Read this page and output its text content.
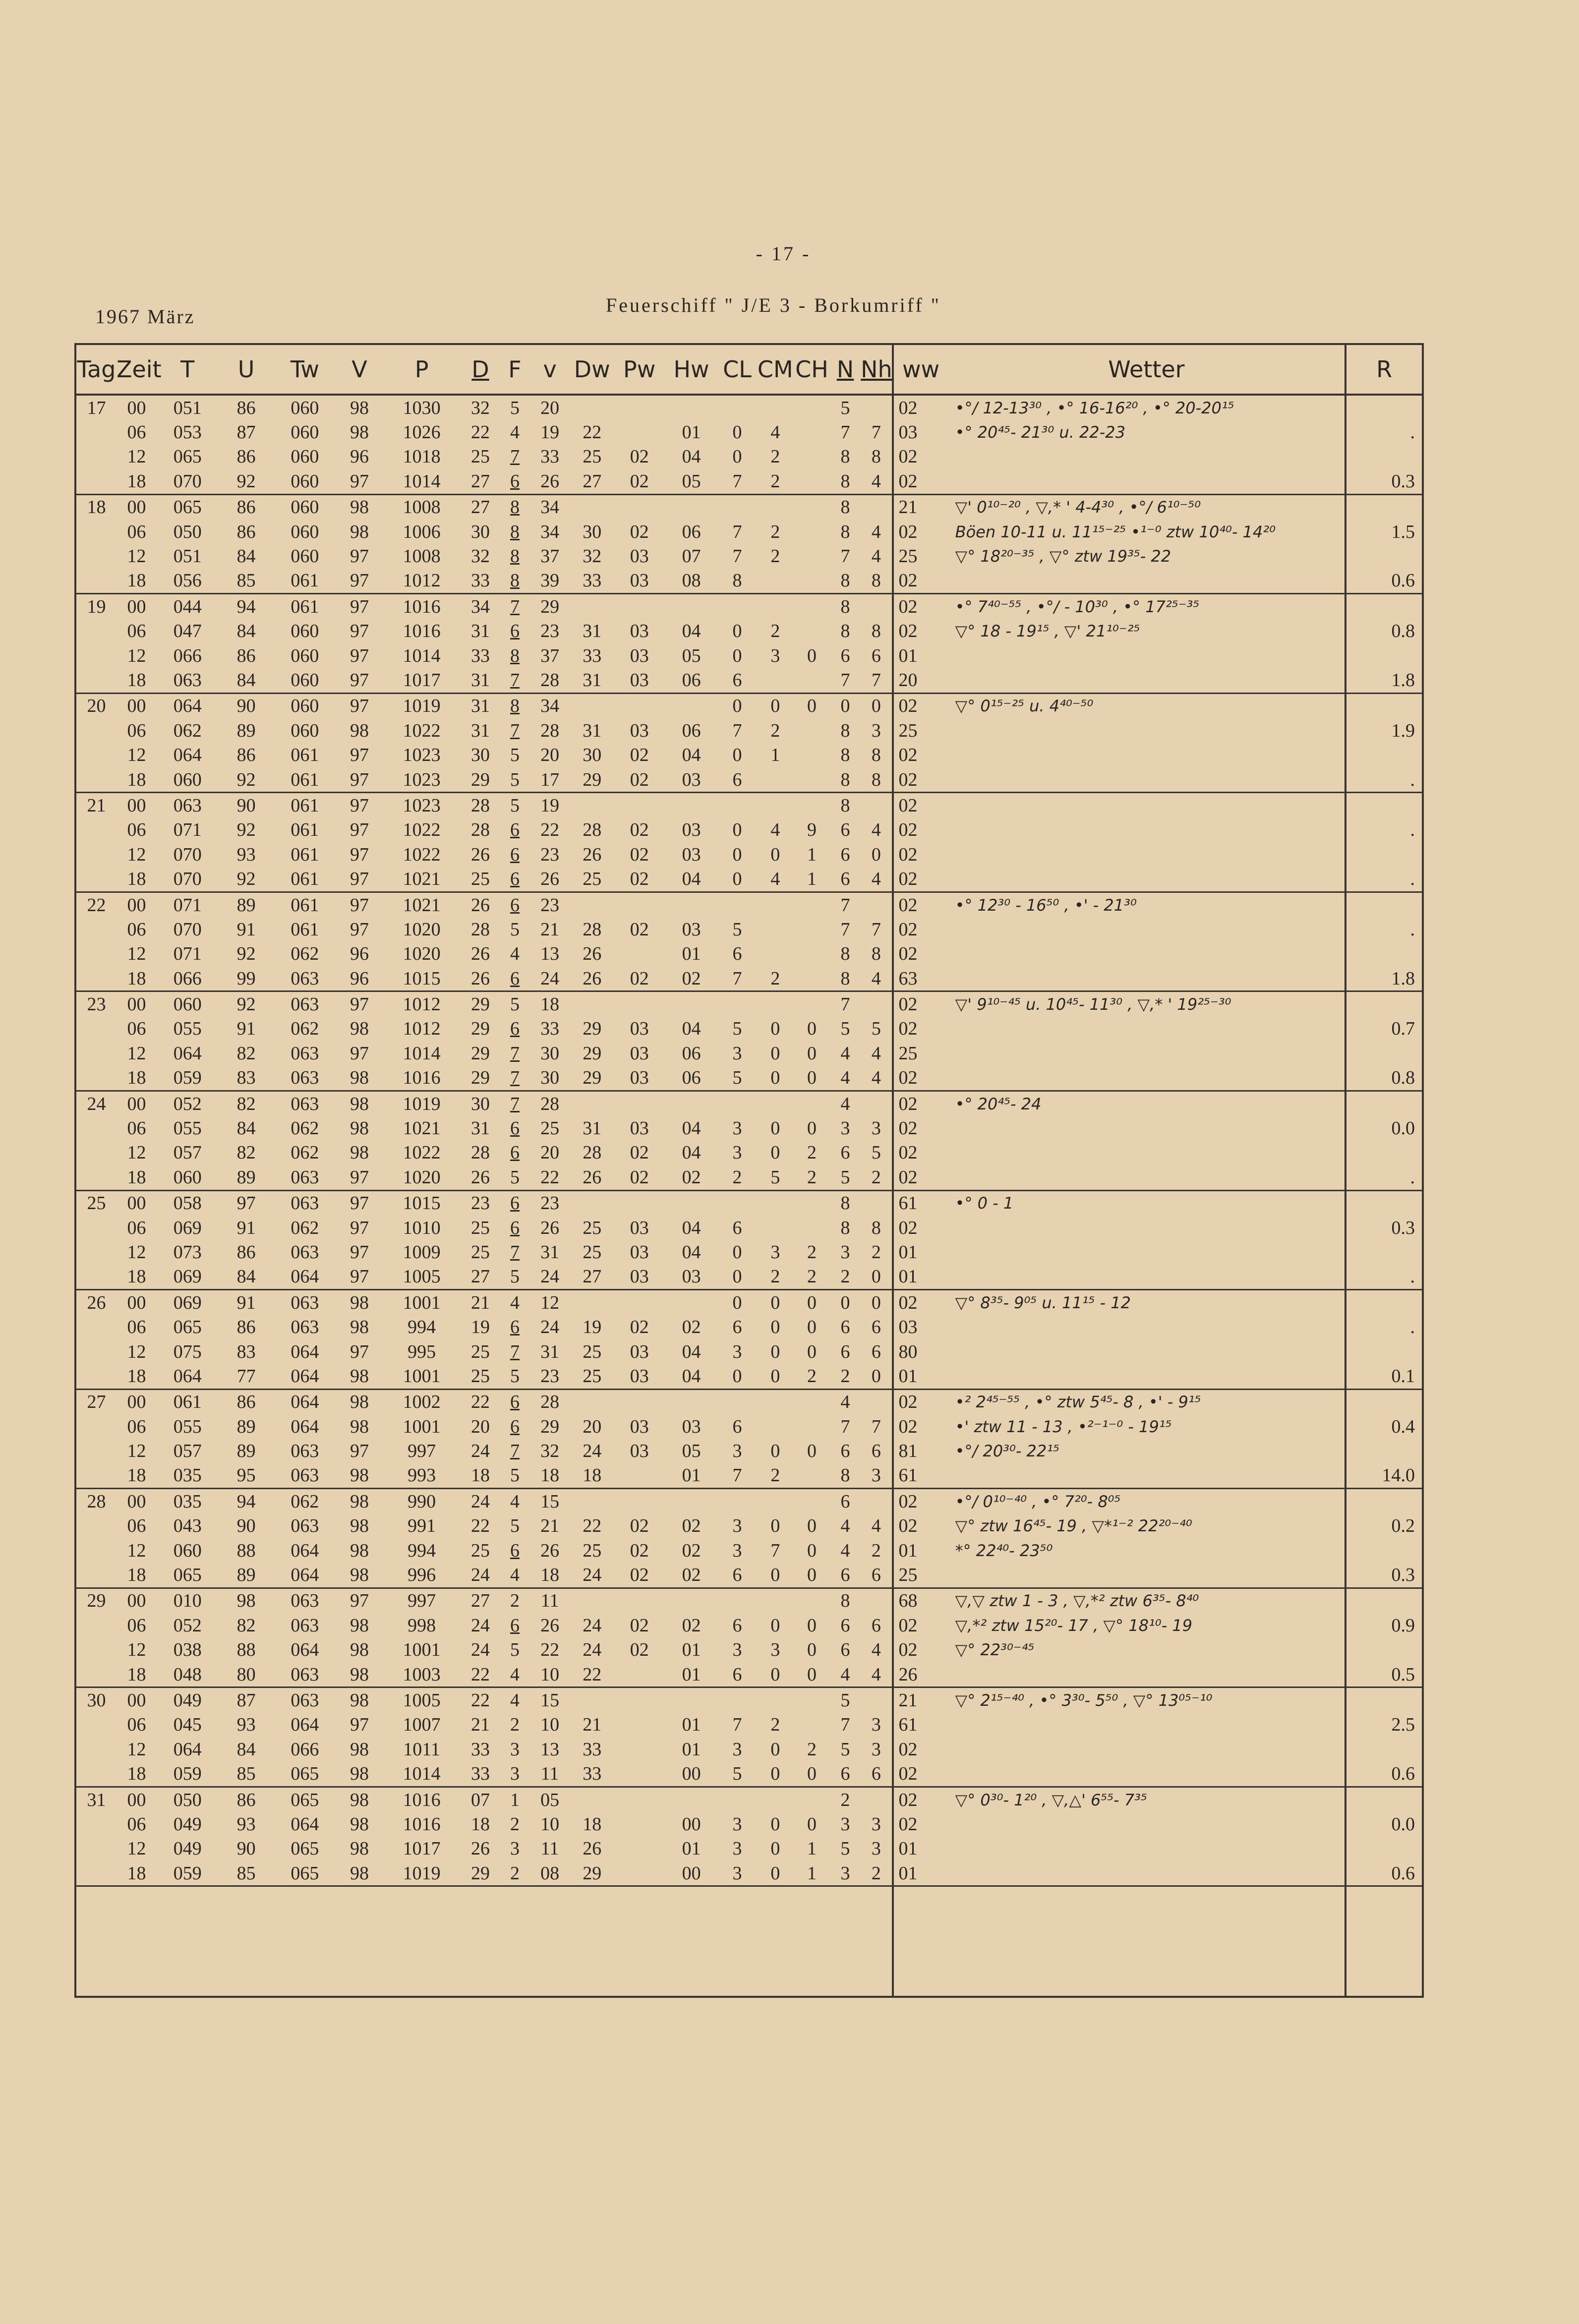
- 17 -
1967 März
Feuerschiff " J/E 3 - Borkumriff "
Tag	Zeit	T	U	Tw	V	P	D	F	v	Dw	Pw	Hw	CL	CM	CH	N	Nh	ww	Wetter	R
17	00	051	86	060	98	1030	32	5	20							5		02	•°/ 12-13³⁰ , •° 16-16²⁰ , •° 20-20¹⁵	
	06	053	87	060	98	1026	22	4	19	22		01	0	4		7	7	03	•° 20⁴⁵- 21³⁰ u. 22-23	.
	12	065	86	060	96	1018	25	7	33	25	02	04	0	2		8	8	02		
	18	070	92	060	97	1014	27	6	26	27	02	05	7	2		8	4	02		0.3
18	00	065	86	060	98	1008	27	8	34							8		21	▽' 0¹⁰⁻²⁰ , ▽,* ' 4-4³⁰ , •°/ 6¹⁰⁻⁵⁰	
	06	050	86	060	98	1006	30	8	34	30	02	06	7	2		8	4	02	Böen 10-11 u. 11¹⁵⁻²⁵ •¹⁻⁰ ztw 10⁴⁰- 14²⁰	1.5
	12	051	84	060	97	1008	32	8	37	32	03	07	7	2		7	4	25	▽° 18²⁰⁻³⁵ , ▽° ztw 19³⁵- 22	
	18	056	85	061	97	1012	33	8	39	33	03	08	8			8	8	02		0.6
19	00	044	94	061	97	1016	34	7	29							8		02	•° 7⁴⁰⁻⁵⁵ , •°/ - 10³⁰ , •° 17²⁵⁻³⁵	
	06	047	84	060	97	1016	31	6	23	31	03	04	0	2		8	8	02	▽° 18 - 19¹⁵ , ▽' 21¹⁰⁻²⁵	0.8
	12	066	86	060	97	1014	33	8	37	33	03	05	0	3	0	6	6	01		
	18	063	84	060	97	1017	31	7	28	31	03	06	6			7	7	20		1.8
20	00	064	90	060	97	1019	31	8	34				0	0	0	0	0	02	▽° 0¹⁵⁻²⁵ u. 4⁴⁰⁻⁵⁰	
	06	062	89	060	98	1022	31	7	28	31	03	06	7	2		8	3	25		1.9
	12	064	86	061	97	1023	30	5	20	30	02	04	0	1		8	8	02		
	18	060	92	061	97	1023	29	5	17	29	02	03	6			8	8	02		.
21	00	063	90	061	97	1023	28	5	19							8		02		
	06	071	92	061	97	1022	28	6	22	28	02	03	0	4	9	6	4	02		.
	12	070	93	061	97	1022	26	6	23	26	02	03	0	0	1	6	0	02		
	18	070	92	061	97	1021	25	6	26	25	02	04	0	4	1	6	4	02		.
22	00	071	89	061	97	1021	26	6	23							7		02	•° 12³⁰ - 16⁵⁰ , •' - 21³⁰	
	06	070	91	061	97	1020	28	5	21	28	02	03	5			7	7	02		.
	12	071	92	062	96	1020	26	4	13	26		01	6			8	8	02		
	18	066	99	063	96	1015	26	6	24	26	02	02	7	2		8	4	63		1.8
23	00	060	92	063	97	1012	29	5	18							7		02	▽' 9¹⁰⁻⁴⁵ u. 10⁴⁵- 11³⁰ , ▽,* ' 19²⁵⁻³⁰	
	06	055	91	062	98	1012	29	6	33	29	03	04	5	0	0	5	5	02		0.7
	12	064	82	063	97	1014	29	7	30	29	03	06	3	0	0	4	4	25		
	18	059	83	063	98	1016	29	7	30	29	03	06	5	0	0	4	4	02		0.8
24	00	052	82	063	98	1019	30	7	28							4		02	•° 20⁴⁵- 24	
	06	055	84	062	98	1021	31	6	25	31	03	04	3	0	0	3	3	02		0.0
	12	057	82	062	98	1022	28	6	20	28	02	04	3	0	2	6	5	02		
	18	060	89	063	97	1020	26	5	22	26	02	02	2	5	2	5	2	02		.
25	00	058	97	063	97	1015	23	6	23							8		61	•° 0 - 1	
	06	069	91	062	97	1010	25	6	26	25	03	04	6			8	8	02		0.3
	12	073	86	063	97	1009	25	7	31	25	03	04	0	3	2	3	2	01		
	18	069	84	064	97	1005	27	5	24	27	03	03	0	2	2	2	0	01		.
26	00	069	91	063	98	1001	21	4	12				0	0	0	0	0	02	▽° 8³⁵- 9⁰⁵ u. 11¹⁵ - 12	
	06	065	86	063	98	994	19	6	24	19	02	02	6	0	0	6	6	03		.
	12	075	83	064	97	995	25	7	31	25	03	04	3	0	0	6	6	80		
	18	064	77	064	98	1001	25	5	23	25	03	04	0	0	2	2	0	01		0.1
27	00	061	86	064	98	1002	22	6	28							4		02	•² 2⁴⁵⁻⁵⁵ , •° ztw 5⁴⁵- 8 , •' - 9¹⁵	
	06	055	89	064	98	1001	20	6	29	20	03	03	6			7	7	02	•' ztw 11 - 13 , •²⁻¹⁻⁰ - 19¹⁵	0.4
	12	057	89	063	97	997	24	7	32	24	03	05	3	0	0	6	6	81	•°/ 20³⁰- 22¹⁵	
	18	035	95	063	98	993	18	5	18	18		01	7	2		8	3	61		14.0
28	00	035	94	062	98	990	24	4	15							6		02	•°/ 0¹⁰⁻⁴⁰ , •° 7²⁰- 8⁰⁵	
	06	043	90	063	98	991	22	5	21	22	02	02	3	0	0	4	4	02	▽° ztw 16⁴⁵- 19 , ▽*¹⁻² 22²⁰⁻⁴⁰	0.2
	12	060	88	064	98	994	25	6	26	25	02	02	3	7	0	4	2	01	*° 22⁴⁰- 23⁵⁰	
	18	065	89	064	98	996	24	4	18	24	02	02	6	0	0	6	6	25		0.3
29	00	010	98	063	97	997	27	2	11							8		68	▽,▽ ztw 1 - 3 , ▽,*² ztw 6³⁵- 8⁴⁰	
	06	052	82	063	98	998	24	6	26	24	02	02	6	0	0	6	6	02	▽,*² ztw 15²⁰- 17 , ▽° 18¹⁰- 19	0.9
	12	038	88	064	98	1001	24	5	22	24	02	01	3	3	0	6	4	02	▽° 22³⁰⁻⁴⁵	
	18	048	80	063	98	1003	22	4	10	22		01	6	0	0	4	4	26		0.5
30	00	049	87	063	98	1005	22	4	15							5		21	▽° 2¹⁵⁻⁴⁰ , •° 3³⁰- 5⁵⁰ , ▽° 13⁰⁵⁻¹⁰	
	06	045	93	064	97	1007	21	2	10	21		01	7	2		7	3	61		2.5
	12	064	84	066	98	1011	33	3	13	33		01	3	0	2	5	3	02		
	18	059	85	065	98	1014	33	3	11	33		00	5	0	0	6	6	02		0.6
31	00	050	86	065	98	1016	07	1	05							2		02	▽° 0³⁰- 1²⁰ , ▽,△' 6⁵⁵- 7³⁵	
	06	049	93	064	98	1016	18	2	10	18		00	3	0	0	3	3	02		0.0
	12	049	90	065	98	1017	26	3	11	26		01	3	0	1	5	3	01		
	18	059	85	065	98	1019	29	2	08	29		00	3	0	1	3	2	01		0.6
